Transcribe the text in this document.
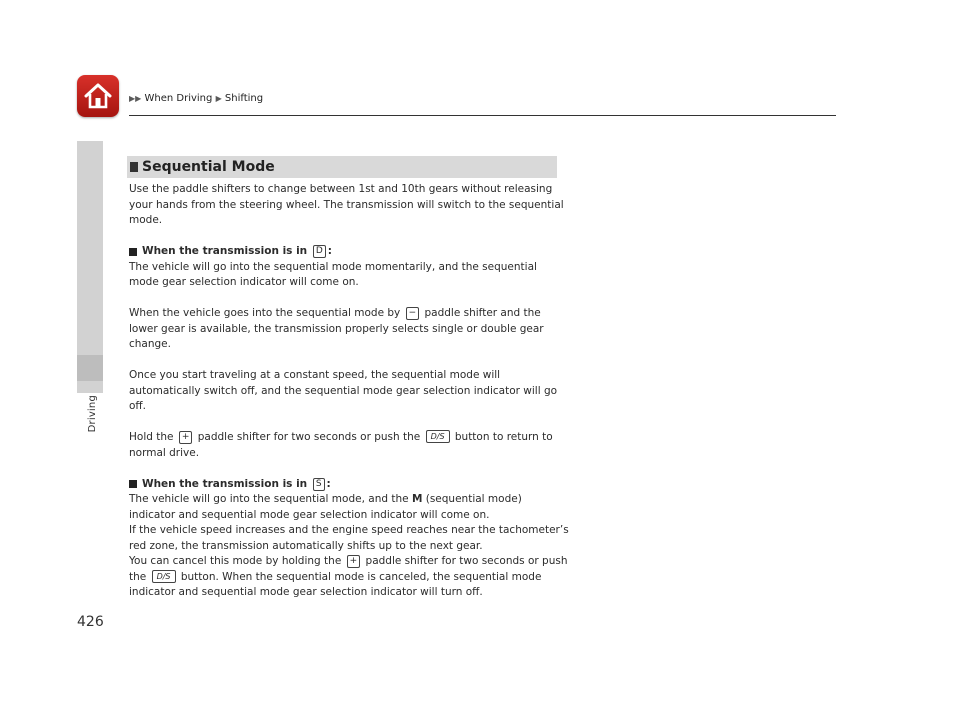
▶▶ When Driving ▶ Shifting
Driving
426
Sequential Mode

Use the paddle shifters to change between 1st and 10th gears without releasing your hands from the steering wheel. The transmission will switch to the sequential mode.

When the transmission is in
D :

The vehicle will go into the sequential mode momentarily, and the sequential mode gear selection indicator will come on.

When the vehicle goes into the sequential mode by − paddle shifter and the lower gear is available, the transmission properly selects single or double gear change.

Once you start traveling at a constant speed, the sequential mode will automatically switch off, and the sequential mode gear selection indicator will go off.

Hold the + paddle shifter for two seconds or push the D/S button to return to normal drive.

When the transmission is in
S :

The vehicle will go into the sequential mode, and the M (sequential mode) indicator and sequential mode gear selection indicator will come on.

If the vehicle speed increases and the engine speed reaches near the tachometer’s red zone, the transmission automatically shifts up to the next gear.

You can cancel this mode by holding the + paddle shifter for two seconds or push the D/S button. When the sequential mode is canceled, the sequential mode indicator and sequential mode gear selection indicator will turn off.
